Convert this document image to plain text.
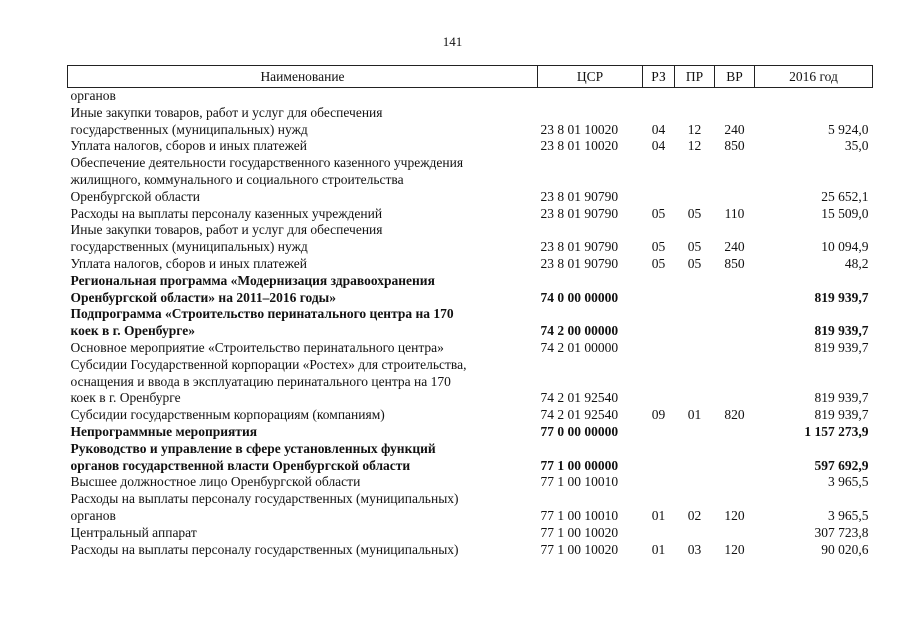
141
Наименование	ЦСР	РЗ	ПР	ВР	2016 год

органов					

Иные закупки товаров, работ и услуг для обеспечения
государственных (муниципальных) нужд	23 8 01 10020	04	12	240	5 924,0

Уплата налогов, сборов и иных платежей	23 8 01 10020	04	12	850	35,0

Обеспечение деятельности государственного казенного учреждения
жилищного, коммунального и социального строительства
Оренбургской области	23 8 01 90790				25 652,1

Расходы на выплаты персоналу казенных учреждений	23 8 01 90790	05	05	110	15 509,0

Иные закупки товаров, работ и услуг для обеспечения
государственных (муниципальных) нужд	23 8 01 90790	05	05	240	10 094,9

Уплата налогов, сборов и иных платежей	23 8 01 90790	05	05	850	48,2

Региональная программа «Модернизация здравоохранения
Оренбургской области» на 2011–2016 годы»	74 0 00 00000				819 939,7

Подпрограмма «Строительство перинатального центра на 170
коек в г. Оренбурге»	74 2 00 00000				819 939,7

Основное мероприятие «Строительство перинатального центра»	74 2 01 00000				819 939,7

Субсидии Государственной корпорации «Ростех» для строительства,
оснащения и ввода в эксплуатацию перинатального центра на 170
коек в г. Оренбурге	74 2 01 92540				819 939,7

Субсидии государственным корпорациям (компаниям)	74 2 01 92540	09	01	820	819 939,7

Непрограммные мероприятия	77 0 00 00000				1 157 273,9

Руководство и управление в сфере установленных функций
органов государственной власти Оренбургской области	77 1 00 00000				597 692,9

Высшее должностное лицо Оренбургской области	77 1 00 10010				3 965,5

Расходы на выплаты персоналу государственных (муниципальных)
органов	77 1 00 10010	01	02	120	3 965,5

Центральный аппарат	77 1 00 10020				307 723,8

Расходы на выплаты персоналу государственных (муниципальных)	77 1 00 10020	01	03	120	90 020,6
